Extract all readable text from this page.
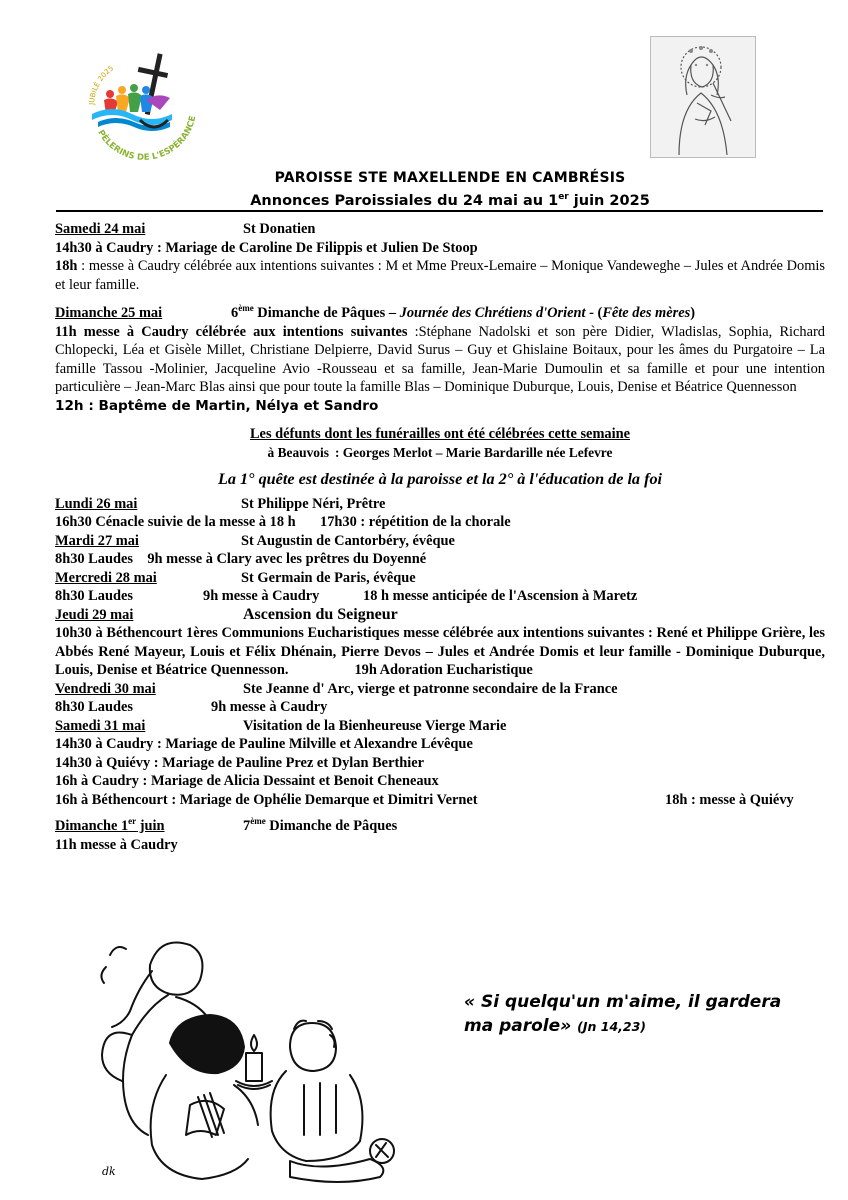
JUBILÉ 2025
PÈLERINS DE L'ESPÉRANCE
PAROISSE STE MAXELLENDE EN CAMBRÉSIS
Annonces Paroissiales du 24 mai au 1er juin 2025
Samedi 24 mai	St Donatien
14h30 à Caudry : Mariage de Caroline De Filippis et Julien De Stoop
18h : messe à Caudry célébrée aux intentions suivantes : M et Mme Preux-Lemaire – Monique Vandeweghe – Jules et Andrée Domis et leur famille.
Dimanche 25 mai	6ème Dimanche de Pâques – Journée des Chrétiens d'Orient - (Fête des mères)
11h messe à Caudry célébrée aux intentions suivantes :Stéphane Nadolski et son père Didier, Wladislas, Sophia, Richard Chlopecki, Léa et Gisèle Millet, Christiane Delpierre, David Surus – Guy et Ghislaine Boitaux, pour les âmes du Purgatoire – La famille Tassou -Molinier, Jacqueline Avio -Rousseau et sa famille, Jean-Marie Dumoulin et sa famille et pour une intention particulière – Jean-Marc Blas ainsi que pour toute la famille Blas – Dominique Duburque, Louis, Denise et Béatrice Quennesson
12h : Baptême de Martin, Nélya et Sandro
Les défunts dont les funérailles ont été célébrées cette semaine
à Beauvois  : Georges Merlot – Marie Bardarille née Lefevre
La 1° quête est destinée à la paroisse et la 2° à l'éducation de la foi
Lundi 26 mai	St Philippe Néri, Prêtre
16h30 Cénacle suivie de la messe à 18 h 17h30 : répétition de la chorale
Mardi 27 mai	St Augustin de Cantorbéry, évêque
8h30 Laudes    9h messe à Clary avec les prêtres du Doyenné
Mercredi 28 mai	St Germain de Paris, évêque
8h30 Laudes	9h messe à Caudry	18 h messe anticipée de l'Ascension à Maretz
Jeudi 29 mai	Ascension du Seigneur
10h30 à Béthencourt 1ères Communions Eucharistiques messe célébrée aux intentions suivantes : René et Philippe Grière, les Abbés René Mayeur, Louis et Félix Dhénain, Pierre Devos – Jules et Andrée Domis et leur famille - Dominique Duburque, Louis, Denise et Béatrice Quennesson.	19h Adoration Eucharistique
Vendredi 30 mai	Ste Jeanne d' Arc, vierge et patronne secondaire de la France
8h30 Laudes	9h messe à Caudry
Samedi 31 mai	Visitation de la Bienheureuse Vierge Marie
14h30 à Caudry : Mariage de Pauline Milville et Alexandre Lévêque
14h30 à Quiévy : Mariage de Pauline Prez et Dylan Berthier
16h à Caudry : Mariage de Alicia Dessaint et Benoit Cheneaux
16h à Béthencourt : Mariage de Ophélie Demarque et Dimitri Vernet	18h : messe à Quiévy
Dimanche 1er juin	7ème Dimanche de Pâques
11h messe à Caudry
dk
« Si quelqu'un m'aime, il gardera ma parole» (Jn 14,23)
